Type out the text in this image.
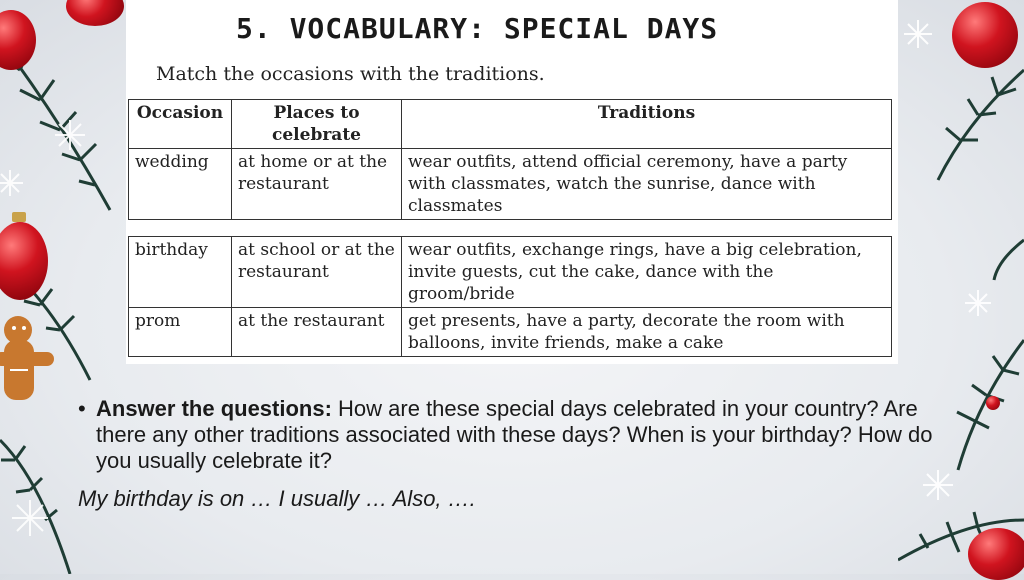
5. VOCABULARY: SPECIAL DAYS
Match the occasions with the traditions.
Occasion	Places to celebrate	Traditions
wedding	at home or at the restaurant	wear outfits, attend official ceremony, have a party with classmates, watch the sunrise, dance with classmates
birthday	at school or at the restaurant	wear outfits, exchange rings, have a big celebration, invite guests, cut the cake, dance with the groom/bride
prom	at the restaurant	get presents, have a party, decorate the room with balloons, invite friends, make a cake
• Answer the questions: How are these special days celebrated in your country? Are there any other traditions associated with these days? When is your birthday? How do you usually celebrate it?
My birthday is on … I usually … Also, ….
